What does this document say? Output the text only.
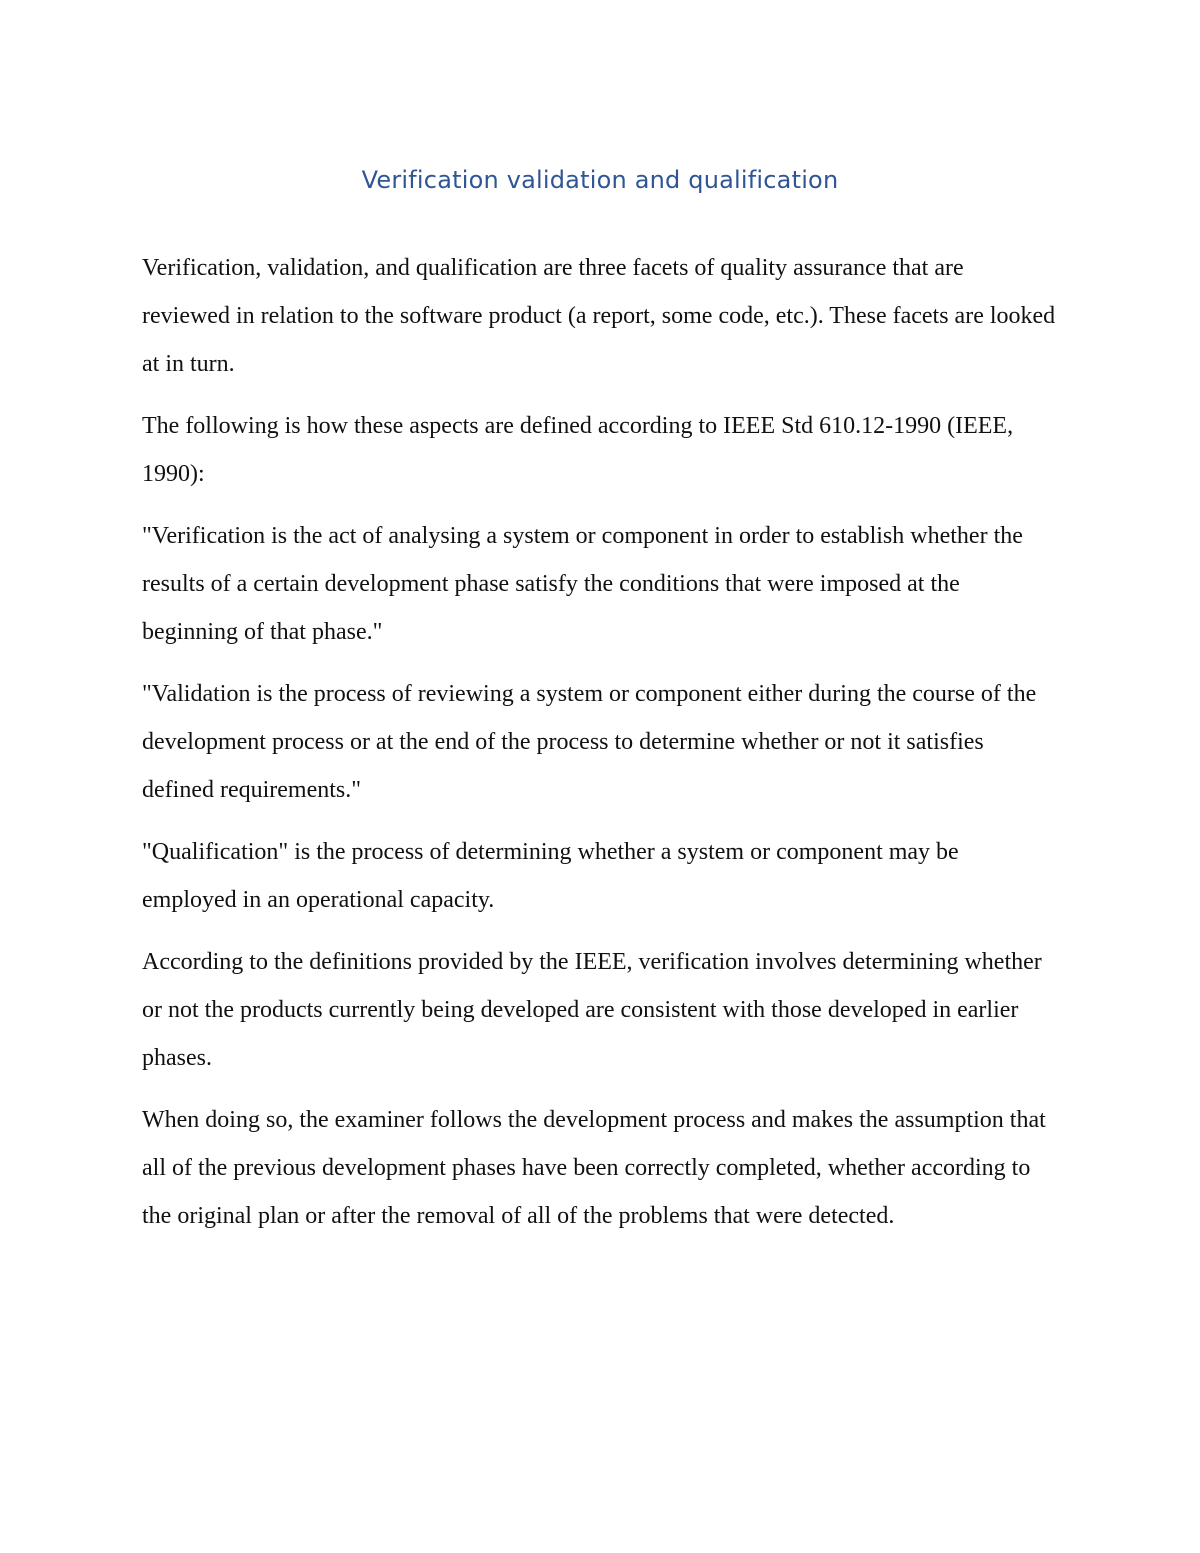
Verification validation and qualification

Verification, validation, and qualification are three facets of quality assurance that are reviewed in relation to the software product (a report, some code, etc.). These facets are looked at in turn.

The following is how these aspects are defined according to IEEE Std 610.12-1990 (IEEE, 1990):

"Verification is the act of analysing a system or component in order to establish whether the results of a certain development phase satisfy the conditions that were imposed at the beginning of that phase."

"Validation is the process of reviewing a system or component either during the course of the development process or at the end of the process to determine whether or not it satisfies defined requirements."

"Qualification" is the process of determining whether a system or component may be employed in an operational capacity.

According to the definitions provided by the IEEE, verification involves determining whether or not the products currently being developed are consistent with those developed in earlier phases.

When doing so, the examiner follows the development process and makes the assumption that all of the previous development phases have been correctly completed, whether according to the original plan or after the removal of all of the problems that were detected.
